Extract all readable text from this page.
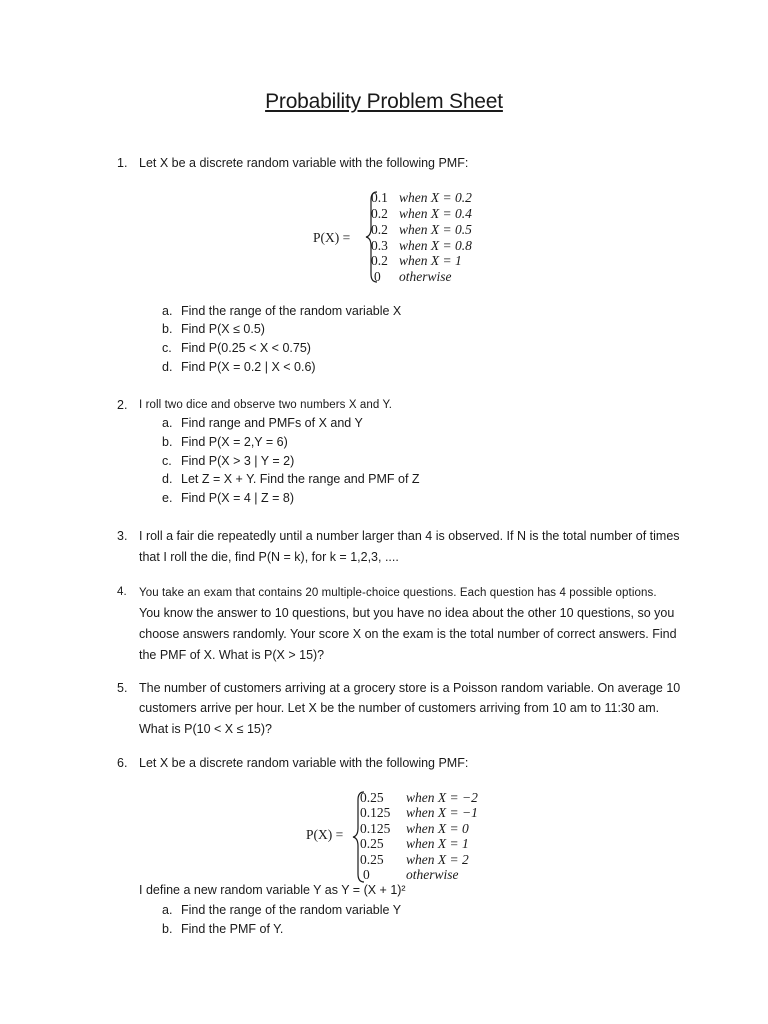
Probability Problem Sheet
1. Let X be a discrete random variable with the following PMF:
P(X) =
0.1 when X = 0.2
0.2 when X = 0.4
0.2 when X = 0.5
0.3 when X = 0.8
0.2 when X = 1
0 otherwise
a. Find the range of the random variable X
b. Find P(X ≤ 0.5)
c. Find P(0.25 < X < 0.75)
d. Find P(X = 0.2 | X < 0.6)
2. I roll two dice and observe two numbers X and Y.
a. Find range and PMFs of X and Y
b. Find P(X = 2,Y = 6)
c. Find P(X > 3 | Y = 2)
d. Let Z = X + Y. Find the range and PMF of Z
e. Find P(X = 4 | Z = 8)
3. I roll a fair die repeatedly until a number larger than 4 is observed. If N is the total number of times
that I roll the die, find P(N = k), for k = 1,2,3, ....
4. You take an exam that contains 20 multiple-choice questions. Each question has 4 possible options.
You know the answer to 10 questions, but you have no idea about the other 10 questions, so you
choose answers randomly. Your score X on the exam is the total number of correct answers. Find
the PMF of X. What is P(X > 15)?
5. The number of customers arriving at a grocery store is a Poisson random variable. On average 10
customers arrive per hour. Let X be the number of customers arriving from 10 am to 11:30 am.
What is P(10 < X ≤ 15)?
6. Let X be a discrete random variable with the following PMF:
P(X) =
0.25 when X = −2
0.125 when X = −1
0.125 when X = 0
0.25 when X = 1
0.25 when X = 2
0	otherwise
I define a new random variable Y as Y = (X + 1)²
a. Find the range of the random variable Y
b. Find the PMF of Y.
